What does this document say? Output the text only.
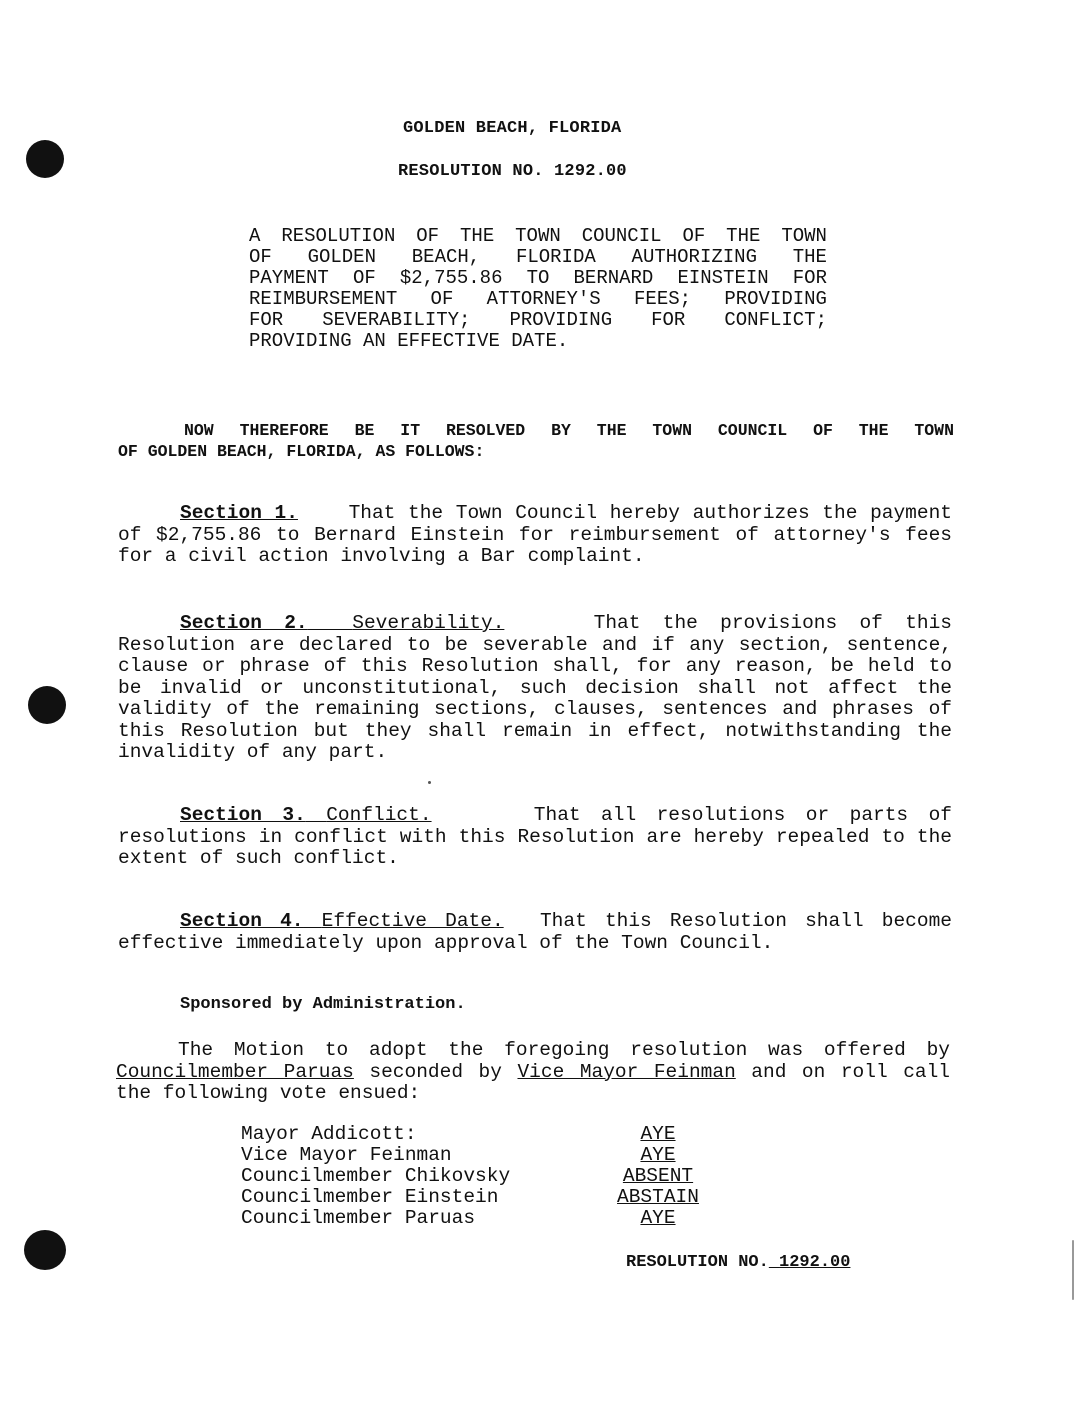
GOLDEN BEACH, FLORIDA
RESOLUTION NO. 1292.00
A RESOLUTION OF THE TOWN COUNCIL OF THE TOWN
OF GOLDEN BEACH, FLORIDA AUTHORIZING THE
PAYMENT OF $2,755.86 TO BERNARD EINSTEIN FOR
REIMBURSEMENT OF ATTORNEY'S FEES; PROVIDING
FOR SEVERABILITY; PROVIDING FOR CONFLICT;
PROVIDING AN EFFECTIVE DATE.
NOW THEREFORE BE IT RESOLVED BY THE TOWN COUNCIL OF THE TOWN
OF GOLDEN BEACH, FLORIDA, AS FOLLOWS:
Section 1.	That the Town Council hereby authorizes the payment of $2,755.86 to Bernard Einstein for reimbursement of attorney's fees for a civil action involving a Bar complaint.
Section 2. Severability.	That the provisions of this Resolution are declared to be severable and if any section, sentence, clause or phrase of this Resolution shall, for any reason, be held to be invalid or unconstitutional, such decision shall not affect the validity of the remaining sections, clauses, sentences and phrases of this Resolution but they shall remain in effect, notwithstanding the invalidity of any part.
Section 3. Conflict.	That all resolutions or parts of resolutions in conflict with this Resolution are hereby repealed to the extent of such conflict.
Section 4. Effective Date. That this Resolution shall become effective immediately upon approval of the Town Council.
Sponsored by Administration.
The Motion to adopt the foregoing resolution was offered by Councilmember Paruas seconded by Vice Mayor Feinman and on roll call the following vote ensued:
Mayor Addicott:	AYE
Vice Mayor Feinman	AYE
Councilmember Chikovsky	ABSENT
Councilmember Einstein	ABSTAIN
Councilmember Paruas	AYE
RESOLUTION NO. 1292.00
